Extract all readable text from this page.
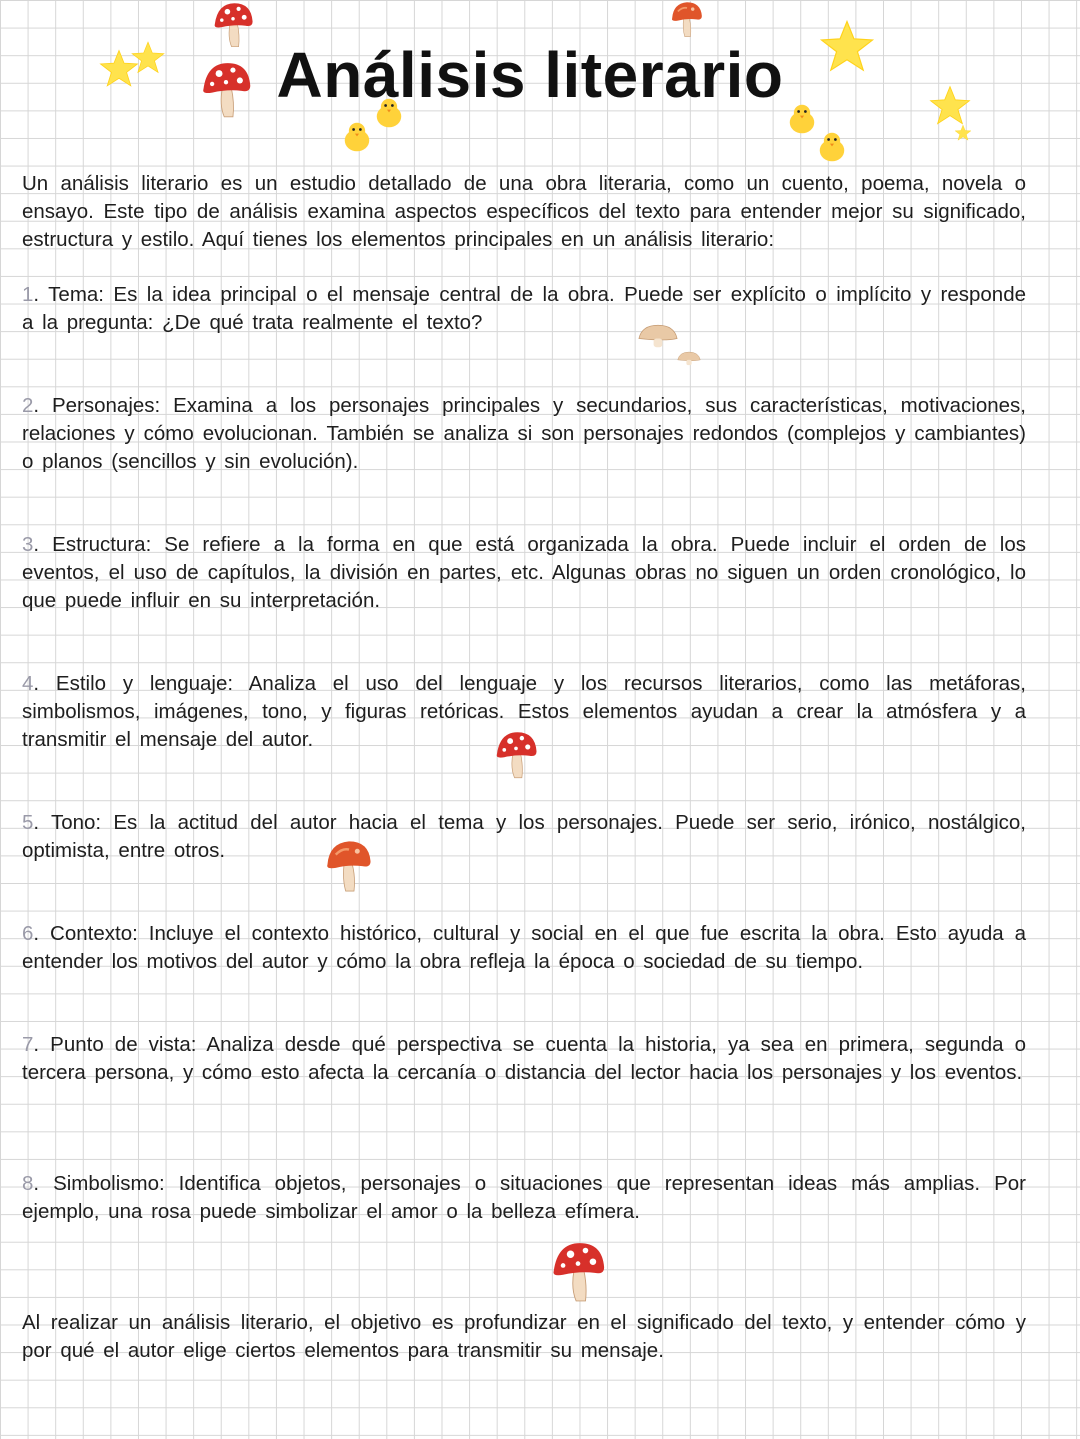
Análisis literario

Un análisis literario es un estudio detallado de una obra literaria, como un cuento, poema, novela o ensayo. Este tipo de análisis examina aspectos específicos del texto para entender mejor su significado, estructura y estilo. Aquí tienes los elementos principales en un análisis literario:

1. Tema: Es la idea principal o el mensaje central de la obra. Puede ser explícito o implícito y responde a la pregunta: ¿De qué trata realmente el texto?

2. Personajes: Examina a los personajes principales y secundarios, sus características, motivaciones, relaciones y cómo evolucionan. También se analiza si son personajes redondos (complejos y cambiantes) o planos (sencillos y sin evolución).

3. Estructura: Se refiere a la forma en que está organizada la obra. Puede incluir el orden de los eventos, el uso de capítulos, la división en partes, etc. Algunas obras no siguen un orden cronológico, lo que puede influir en su interpretación.

4. Estilo y lenguaje: Analiza el uso del lenguaje y los recursos literarios, como las metáforas, simbolismos, imágenes, tono, y figuras retóricas. Estos elementos ayudan a crear la atmósfera y a transmitir el mensaje del autor.

5. Tono: Es la actitud del autor hacia el tema y los personajes. Puede ser serio, irónico, nostálgico, optimista, entre otros.

6. Contexto: Incluye el contexto histórico, cultural y social en el que fue escrita la obra. Esto ayuda a entender los motivos del autor y cómo la obra refleja la época o sociedad de su tiempo.

7. Punto de vista: Analiza desde qué perspectiva se cuenta la historia, ya sea en primera, segunda o tercera persona, y cómo esto afecta la cercanía o distancia del lector hacia los personajes y los eventos.

8. Simbolismo: Identifica objetos, personajes o situaciones que representan ideas más amplias. Por ejemplo, una rosa puede simbolizar el amor o la belleza efímera.

Al realizar un análisis literario, el objetivo es profundizar en el significado del texto, y entender cómo y por qué el autor elige ciertos elementos para transmitir su mensaje.
